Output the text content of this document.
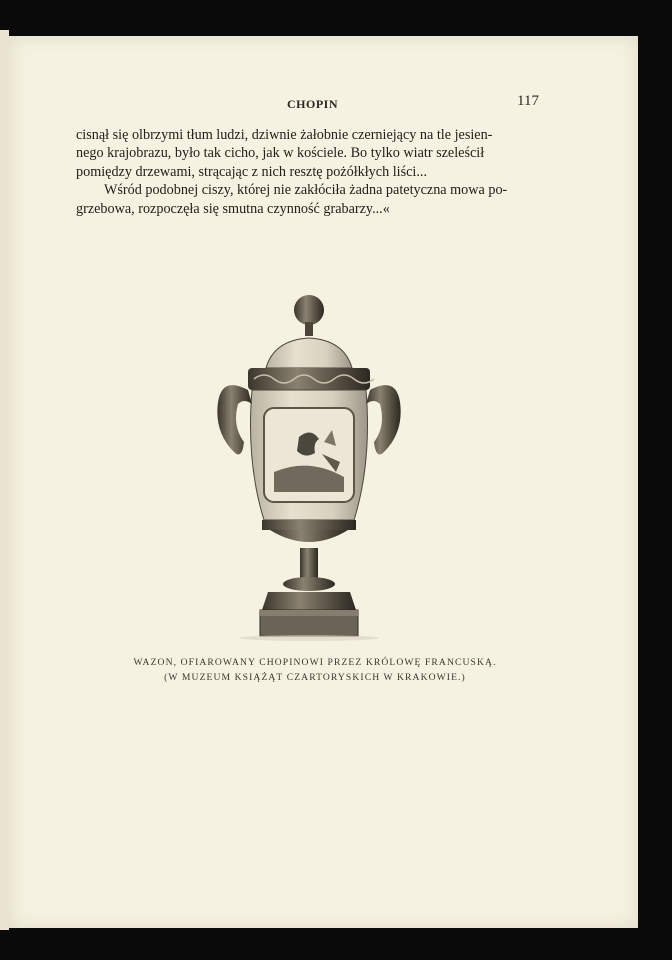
CHOPIN	117

cisnął się olbrzymi tłum ludzi, dziwnie żałobnie czerniejący na tle jesien-

nego krajobrazu, było tak cicho, jak w kościele. Bo tylko wiatr szeleścił

pomiędzy drzewami, strącając z nich resztę pożółkłych liści...

Wśród podobnej ciszy, której nie zakłóciła żadna patetyczna mowa po-

grzebowa, rozpoczęła się smutna czynność grabarzy...«

WAZON, OFIAROWANY CHOPINOWI PRZEZ KRÓLOWĘ FRANCUSKĄ.
(W MUZEUM KSIĄŻĄT CZARTORYSKICH W KRAKOWIE.)
